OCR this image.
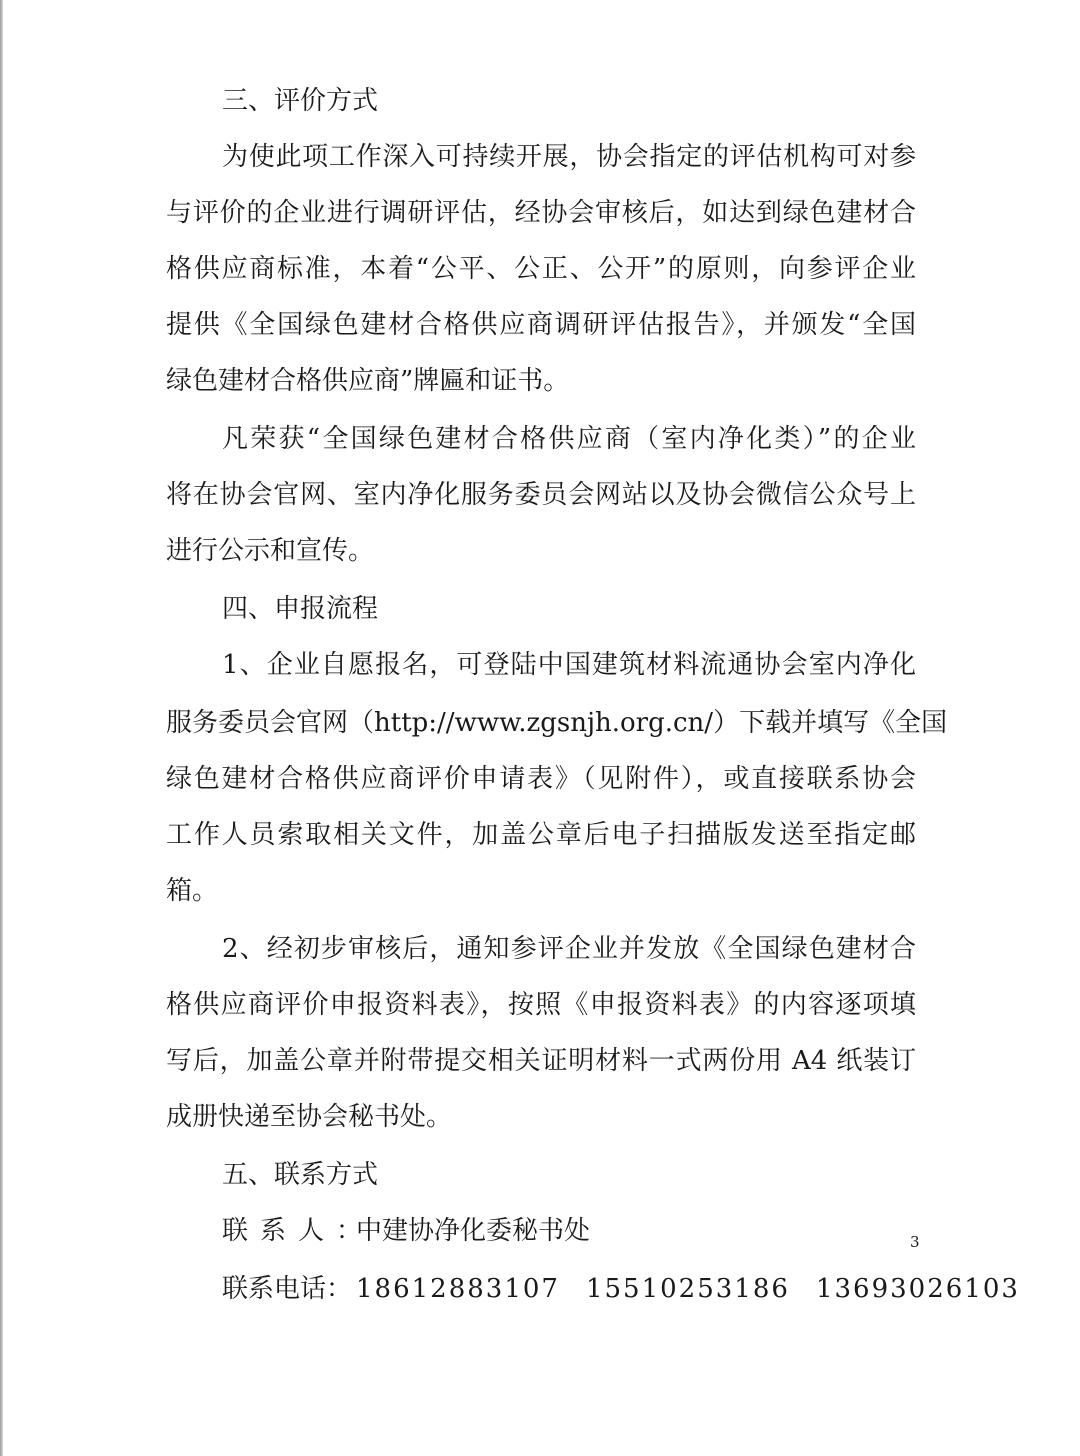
三、评价方式
为使此项工作深入可持续开展，协会指定的评估机构可对参
与评价的企业进行调研评估，经协会审核后，如达到绿色建材合
格供应商标准，本着“公平、公正、公开”的原则，向参评企业
提供《全国绿色建材合格供应商调研评估报告》，并颁发“全国
绿色建材合格供应商”牌匾和证书。
凡荣获“全国绿色建材合格供应商（室内净化类）”的企业
将在协会官网、室内净化服务委员会网站以及协会微信公众号上
进行公示和宣传。
四、申报流程
1、企业自愿报名，可登陆中国建筑材料流通协会室内净化
服务委员会官网（http://www.zgsnjh.org.cn/）下载并填写《全国
绿色建材合格供应商评价申请表》（见附件），或直接联系协会
工作人员索取相关文件，加盖公章后电子扫描版发送至指定邮
箱。
2、经初步审核后，通知参评企业并发放《全国绿色建材合
格供应商评价申报资料表》，按照《申报资料表》的内容逐项填
写后，加盖公章并附带提交相关证明材料一式两份用 A4 纸装订
成册快递至协会秘书处。
五、联系方式
联系人：中建协净化委秘书处
联系电话： 18612883107 15510253186 13693026103
3
